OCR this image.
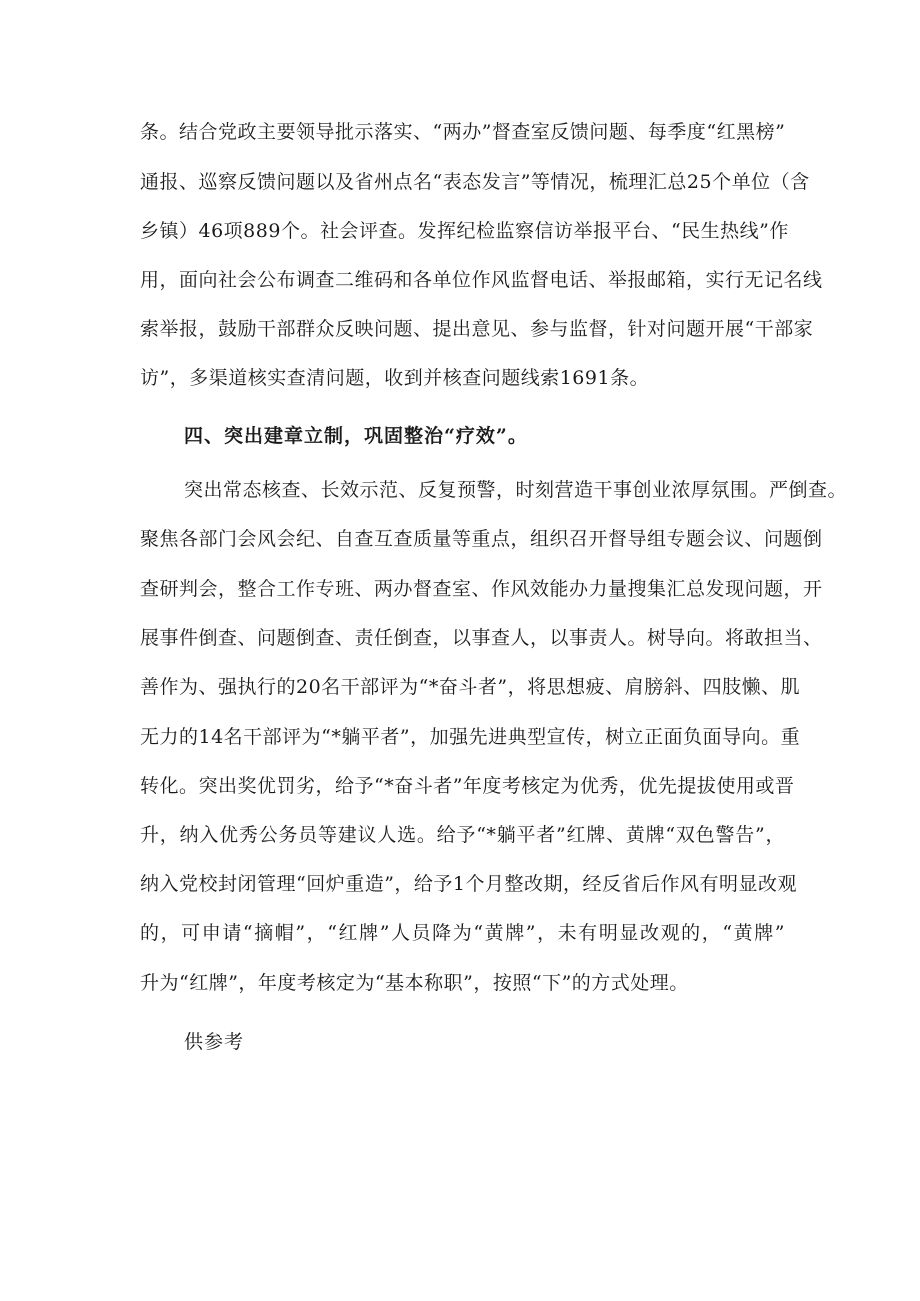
条。结合党政主要领导批示落实、“两办”督查室反馈问题、每季度“红黑榜”
通报、巡察反馈问题以及省州点名“表态发言”等情况，梳理汇总25个单位（含
乡镇）46项889个。社会评查。发挥纪检监察信访举报平台、“民生热线”作
用，面向社会公布调查二维码和各单位作风监督电话、举报邮箱，实行无记名线
索举报，鼓励干部群众反映问题、提出意见、参与监督，针对问题开展“干部家
访”，多渠道核实查清问题，收到并核查问题线索1691条。
四、突出建章立制，巩固整治“疗效”。
突出常态核查、长效示范、反复预警，时刻营造干事创业浓厚氛围。严倒查。
聚焦各部门会风会纪、自查互查质量等重点，组织召开督导组专题会议、问题倒
查研判会，整合工作专班、两办督查室、作风效能办力量搜集汇总发现问题，开
展事件倒查、问题倒查、责任倒查，以事查人，以事责人。树导向。将敢担当、
善作为、强执行的20名干部评为“*奋斗者”，将思想疲、肩膀斜、四肢懒、肌
无力的14名干部评为“*躺平者”，加强先进典型宣传，树立正面负面导向。重
转化。突出奖优罚劣，给予“*奋斗者”年度考核定为优秀，优先提拔使用或晋
升，纳入优秀公务员等建议人选。给予“*躺平者”红牌、黄牌“双色警告”，
纳入党校封闭管理“回炉重造”，给予1个月整改期，经反省后作风有明显改观
的，可申请“摘帽”，“红牌”人员降为“黄牌”，未有明显改观的，“黄牌”
升为“红牌”，年度考核定为“基本称职”，按照“下”的方式处理。
供参考
